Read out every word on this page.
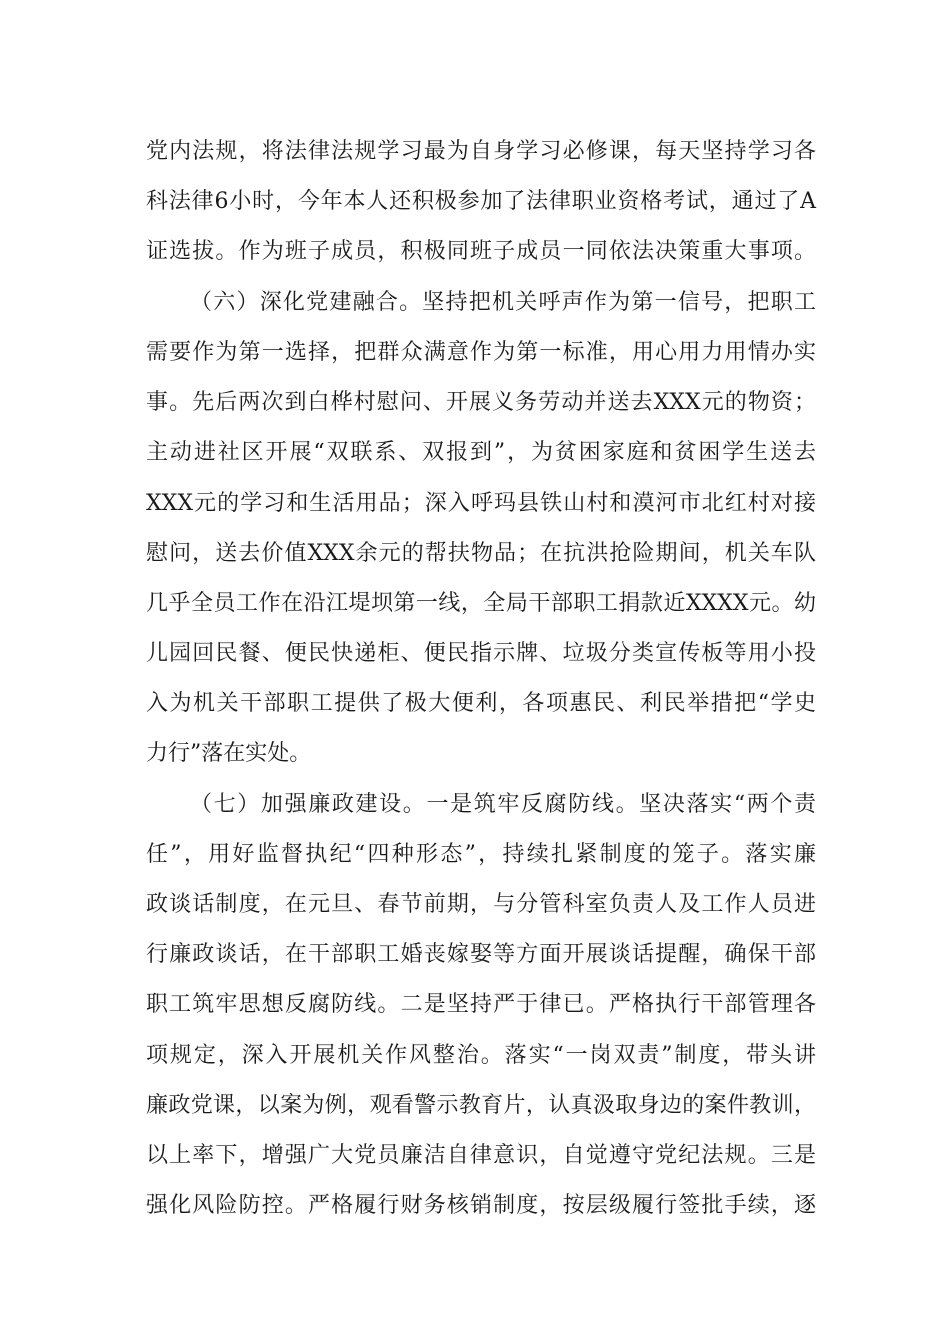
党内法规，将法律法规学习最为自身学习必修课，每天坚持学习各
科法律6小时，今年本人还积极参加了法律职业资格考试，通过了A
证选拔。作为班子成员，积极同班子成员一同依法决策重大事项。
（六）深化党建融合。坚持把机关呼声作为第一信号，把职工
需要作为第一选择，把群众满意作为第一标准，用心用力用情办实
事。先后两次到白桦村慰问、开展义务劳动并送去XXX元的物资；
主动进社区开展“双联系、双报到”，为贫困家庭和贫困学生送去
XXX元的学习和生活用品；深入呼玛县铁山村和漠河市北红村对接
慰问，送去价值XXX余元的帮扶物品；在抗洪抢险期间，机关车队
几乎全员工作在沿江堤坝第一线，全局干部职工捐款近XXXX元。幼
儿园回民餐、便民快递柜、便民指示牌、垃圾分类宣传板等用小投
入为机关干部职工提供了极大便利，各项惠民、利民举措把“学史
力行”落在实处。
（七）加强廉政建设。一是筑牢反腐防线。坚决落实“两个责
任”，用好监督执纪“四种形态”，持续扎紧制度的笼子。落实廉
政谈话制度，在元旦、春节前期，与分管科室负责人及工作人员进
行廉政谈话，在干部职工婚丧嫁娶等方面开展谈话提醒，确保干部
职工筑牢思想反腐防线。二是坚持严于律已。严格执行干部管理各
项规定，深入开展机关作风整治。落实“一岗双责”制度，带头讲
廉政党课，以案为例，观看警示教育片，认真汲取身边的案件教训，
以上率下，增强广大党员廉洁自律意识，自觉遵守党纪法规。三是
强化风险防控。严格履行财务核销制度，按层级履行签批手续，逐
